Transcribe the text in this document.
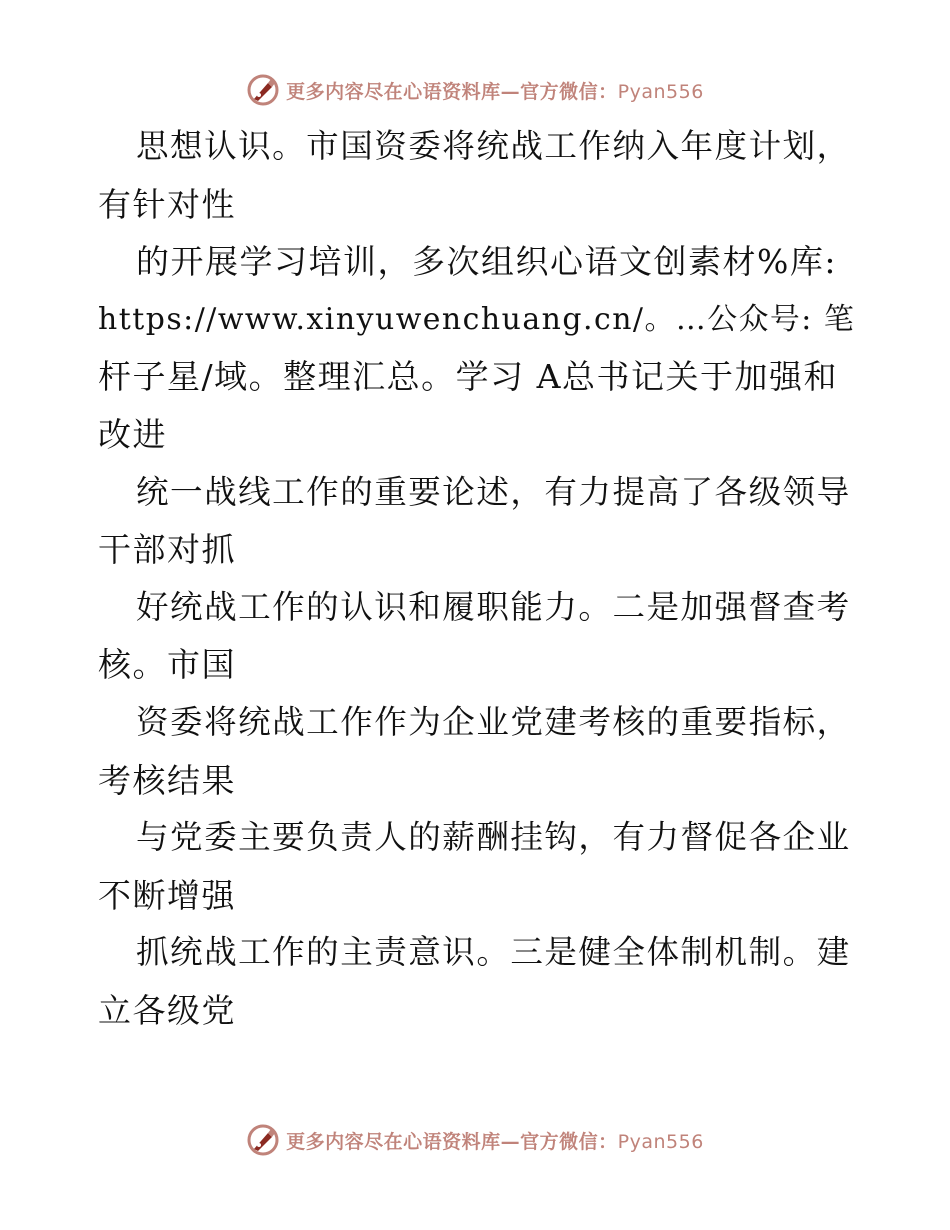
更多内容尽在心语资料库—官方微信：Pyan556
思想认识。市国资委将统战工作纳入年度计划，
有针对性
的开展学习培训，多次组织心语文创素材%库:
https://www.xinyuwenchuang.cn/。…公众号: 笔
杆子星/域。整理汇总。学习 A总书记关于加强和
改进
统一战线工作的重要论述，有力提高了各级领导
干部对抓
好统战工作的认识和履职能力。二是加强督查考
核。市国
资委将统战工作作为企业党建考核的重要指标，
考核结果
与党委主要负责人的薪酬挂钩，有力督促各企业
不断增强
抓统战工作的主责意识。三是健全体制机制。建
立各级党
更多内容尽在心语资料库—官方微信：Pyan556
